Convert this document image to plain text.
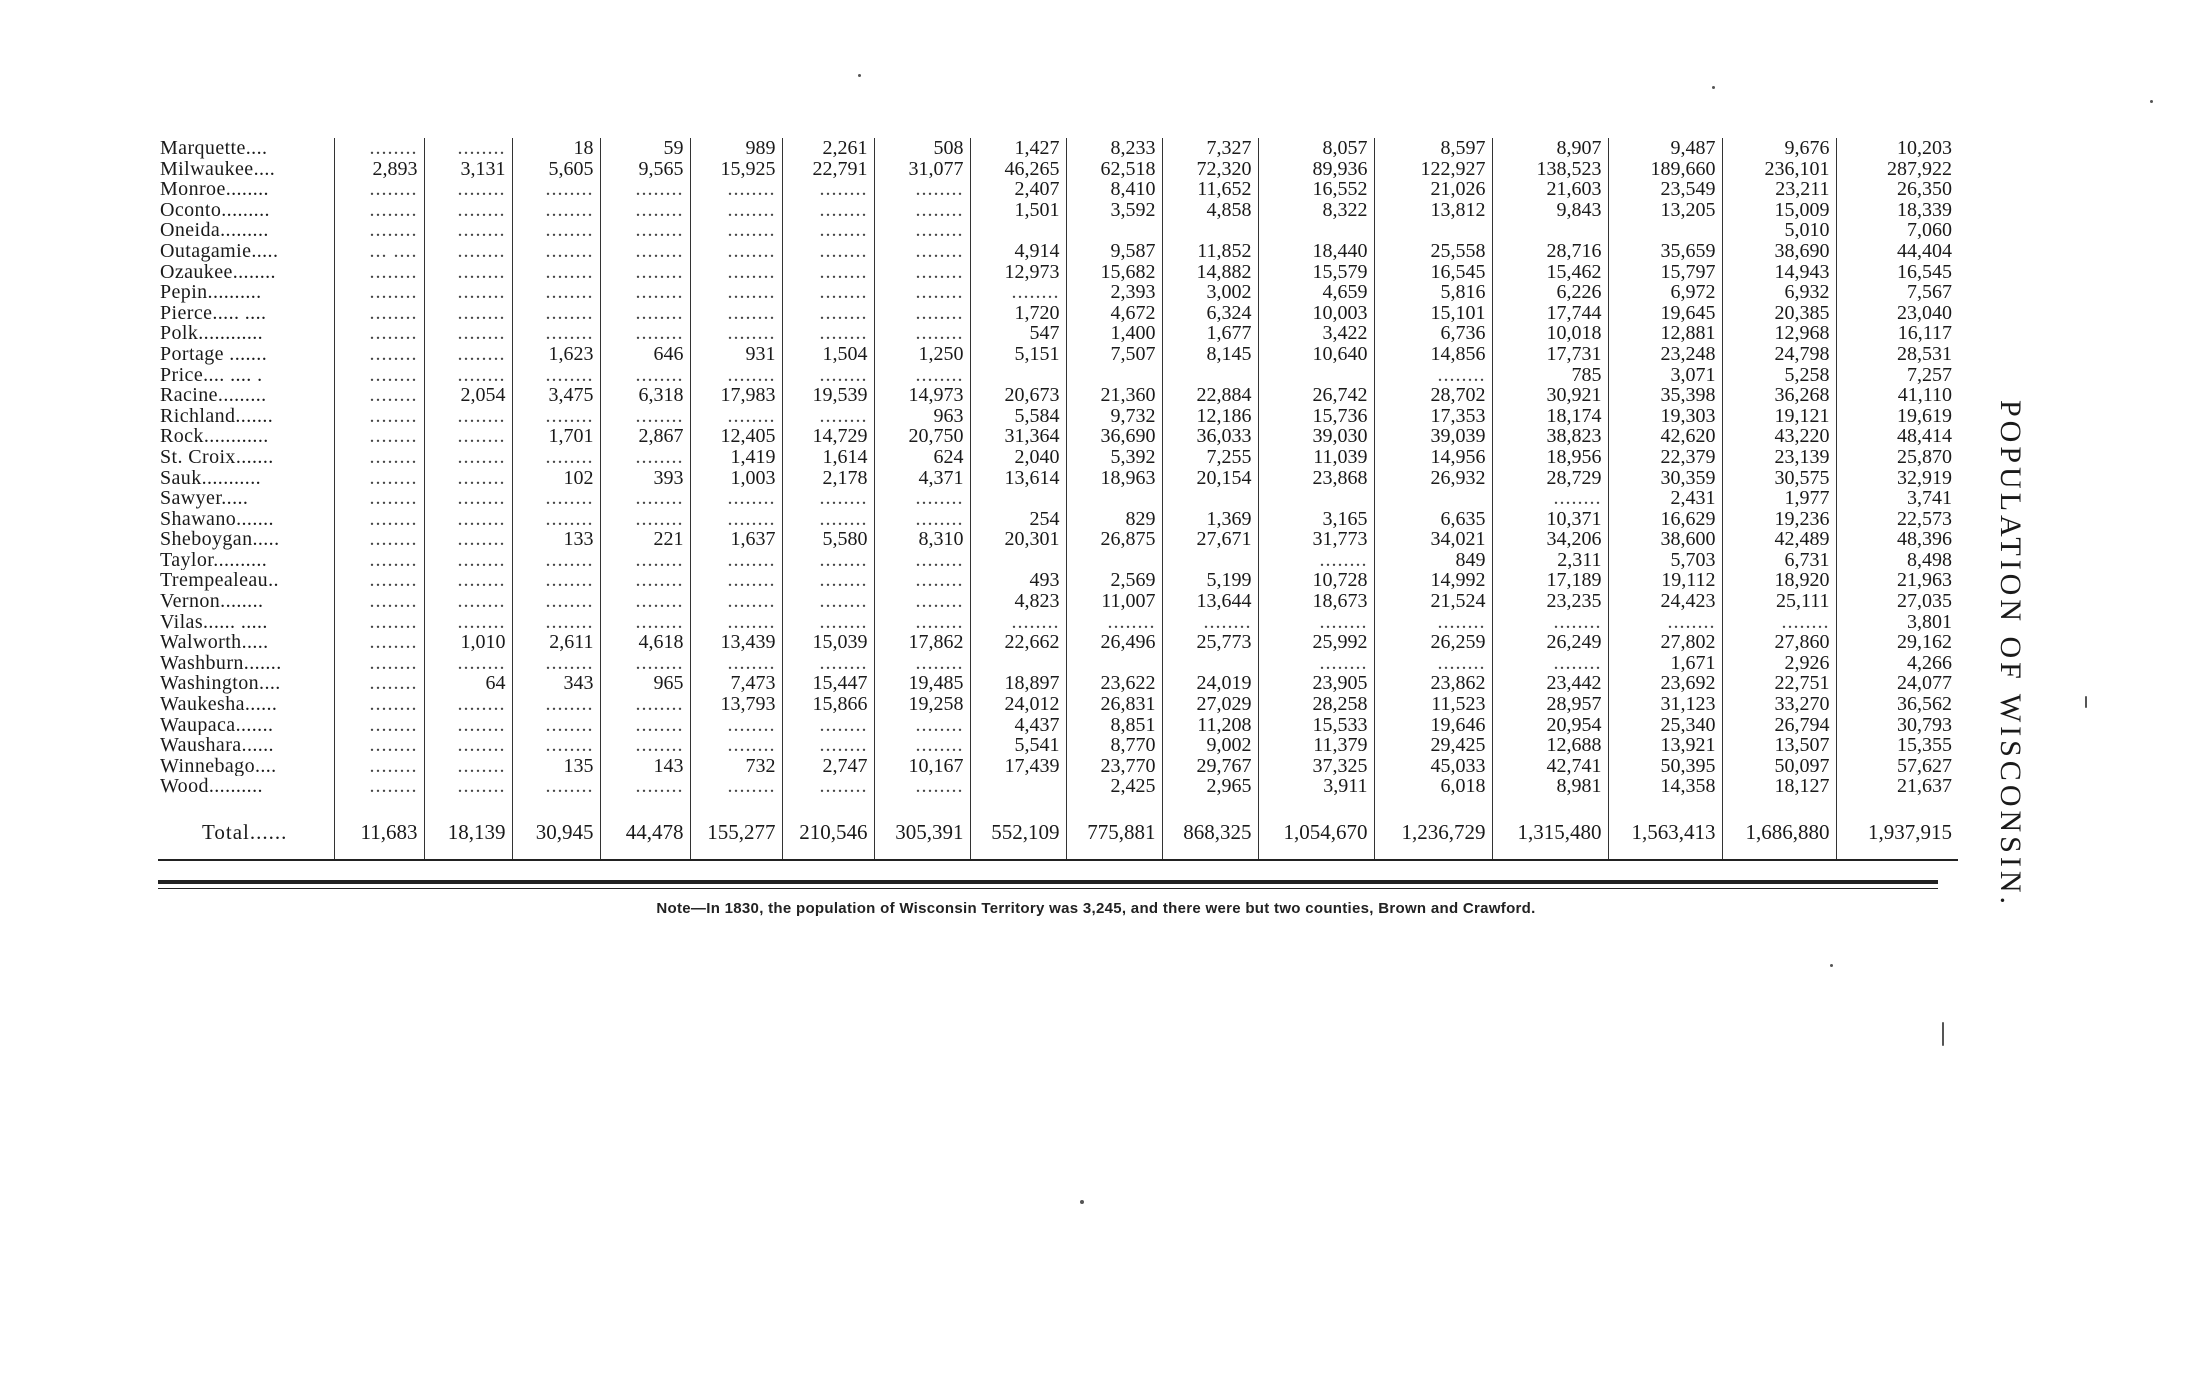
Marquette....	........	........	18	59	989	2,261	508	1,427	8,233	7,327	8,057	8,597	8,907	9,487	9,676	10,203
Milwaukee....	2,893	3,131	5,605	9,565	15,925	22,791	31,077	46,265	62,518	72,320	89,936	122,927	138,523	189,660	236,101	287,922
Monroe........	........	........	........	........	........	........	........	2,407	8,410	11,652	16,552	21,026	21,603	23,549	23,211	26,350
Oconto.........	........	........	........	........	........	........	........	1,501	3,592	4,858	8,322	13,812	9,843	13,205	15,009	18,339
Oneida.........	........	........	........	........	........	........	........								5,010	7,060
Outagamie.....	... ....	........	........	........	........	........	........	4,914	9,587	11,852	18,440	25,558	28,716	35,659	38,690	44,404
Ozaukee........	........	........	........	........	........	........	........	12,973	15,682	14,882	15,579	16,545	15,462	15,797	14,943	16,545
Pepin..........	........	........	........	........	........	........	........	........	2,393	3,002	4,659	5,816	6,226	6,972	6,932	7,567
Pierce..... ....	........	........	........	........	........	........	........	1,720	4,672	6,324	10,003	15,101	17,744	19,645	20,385	23,040
Polk............	........	........	........	........	........	........	........	547	1,400	1,677	3,422	6,736	10,018	12,881	12,968	16,117
Portage .......	........	........	1,623	646	931	1,504	1,250	5,151	7,507	8,145	10,640	14,856	17,731	23,248	24,798	28,531
Price.... .... .	........	........	........	........	........	........	........					........	785	3,071	5,258	7,257
Racine.........	........	2,054	3,475	6,318	17,983	19,539	14,973	20,673	21,360	22,884	26,742	28,702	30,921	35,398	36,268	41,110
Richland.......	........	........	........	........	........	........	963	5,584	9,732	12,186	15,736	17,353	18,174	19,303	19,121	19,619
Rock............	........	........	1,701	2,867	12,405	14,729	20,750	31,364	36,690	36,033	39,030	39,039	38,823	42,620	43,220	48,414
St. Croix.......	........	........	........	........	1,419	1,614	624	2,040	5,392	7,255	11,039	14,956	18,956	22,379	23,139	25,870
Sauk...........	........	........	102	393	1,003	2,178	4,371	13,614	18,963	20,154	23,868	26,932	28,729	30,359	30,575	32,919
Sawyer.....	........	........	........	........	........	........	........						........	2,431	1,977	3,741
Shawano.......	........	........	........	........	........	........	........	254	829	1,369	3,165	6,635	10,371	16,629	19,236	22,573
Sheboygan.....	........	........	133	221	1,637	5,580	8,310	20,301	26,875	27,671	31,773	34,021	34,206	38,600	42,489	48,396
Taylor..........	........	........	........	........	........	........	........				........	849	2,311	5,703	6,731	8,498
Trempealeau..	........	........	........	........	........	........	........	493	2,569	5,199	10,728	14,992	17,189	19,112	18,920	21,963
Vernon........	........	........	........	........	........	........	........	4,823	11,007	13,644	18,673	21,524	23,235	24,423	25,111	27,035
Vilas...... .....	........	........	........	........	........	........	........	........	........	........	........	........	........	........	........	3,801
Walworth.....	........	1,010	2,611	4,618	13,439	15,039	17,862	22,662	26,496	25,773	25,992	26,259	26,249	27,802	27,860	29,162
Washburn.......	........	........	........	........	........	........	........				........	........	........	1,671	2,926	4,266
Washington....	........	64	343	965	7,473	15,447	19,485	18,897	23,622	24,019	23,905	23,862	23,442	23,692	22,751	24,077
Waukesha......	........	........	........	........	13,793	15,866	19,258	24,012	26,831	27,029	28,258	11,523	28,957	31,123	33,270	36,562
Waupaca.......	........	........	........	........	........	........	........	4,437	8,851	11,208	15,533	19,646	20,954	25,340	26,794	30,793
Waushara......	........	........	........	........	........	........	........	5,541	8,770	9,002	11,379	29,425	12,688	13,921	13,507	15,355
Winnebago....	........	........	135	143	732	2,747	10,167	17,439	23,770	29,767	37,325	45,033	42,741	50,395	50,097	57,627
Wood..........	........	........	........	........	........	........	........		2,425	2,965	3,911	6,018	8,981	14,358	18,127	21,637

Total......	11,683	18,139	30,945	44,478	155,277	210,546	305,391	552,109	775,881	868,325	1,054,670	1,236,729	1,315,480	1,563,413	1,686,880	1,937,915
Note—In 1830, the population of Wisconsin Territory was 3,245, and there were but two counties, Brown and Crawford.
POPULATION OF WISCONSIN.
